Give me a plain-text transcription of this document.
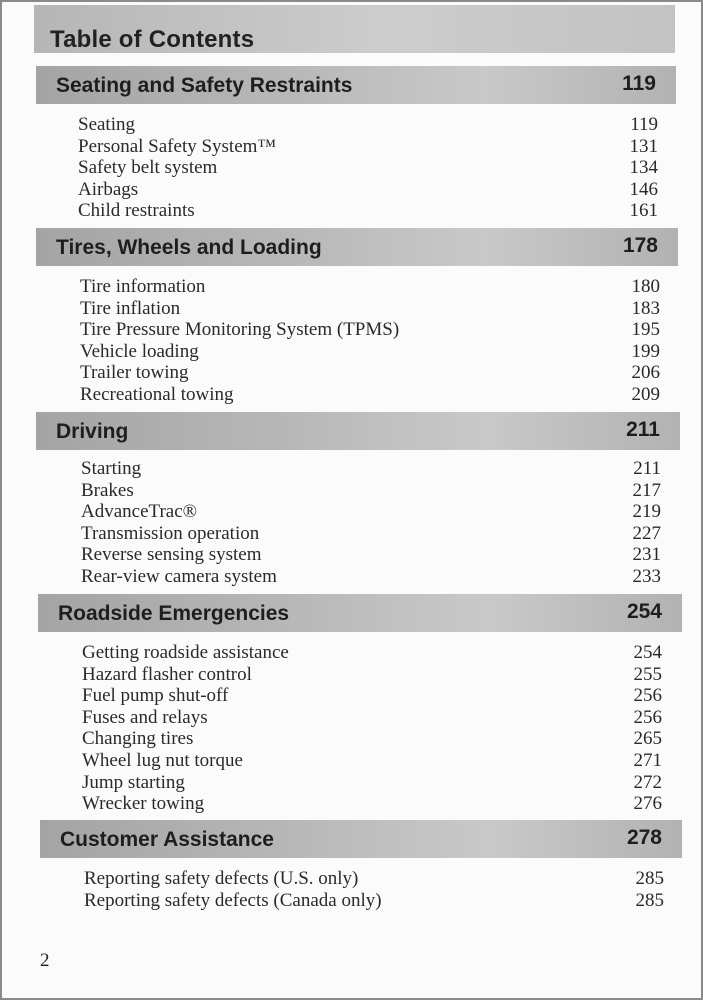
Table of Contents
Seating and Safety Restraints	119
Seating	119
Personal Safety System™	131
Safety belt system	134
Airbags	146
Child restraints	161
Tires, Wheels and Loading	178
Tire information	180
Tire inflation	183
Tire Pressure Monitoring System (TPMS)	195
Vehicle loading	199
Trailer towing	206
Recreational towing	209
Driving	211
Starting	211
Brakes	217
AdvanceTrac®	219
Transmission operation	227
Reverse sensing system	231
Rear-view camera system	233
Roadside Emergencies	254
Getting roadside assistance	254
Hazard flasher control	255
Fuel pump shut-off	256
Fuses and relays	256
Changing tires	265
Wheel lug nut torque	271
Jump starting	272
Wrecker towing	276
Customer Assistance	278
Reporting safety defects (U.S. only)	285
Reporting safety defects (Canada only)	285
2
